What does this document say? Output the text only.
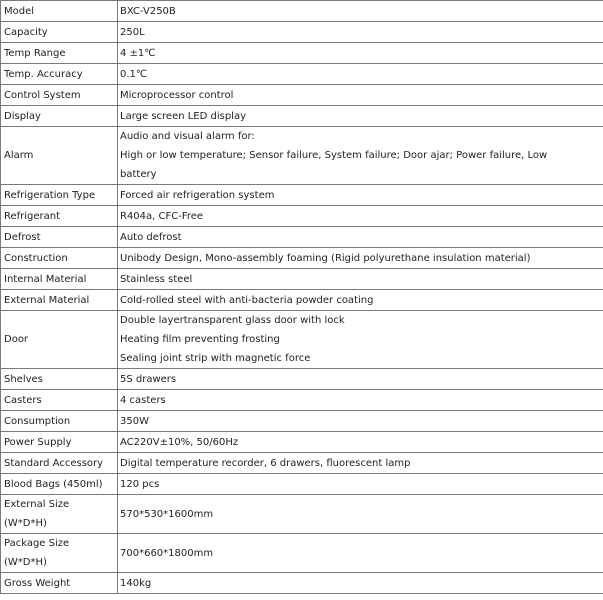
Model	BXC-V250B
Capacity	250L
Temp Range	4 ±1℃
Temp. Accuracy	0.1℃
Control System	Microprocessor control
Display	Large screen LED display
Alarm	Audio and visual alarm for:
High or low temperature; Sensor failure, System failure; Door ajar; Power failure, Low
battery

Refrigeration Type	Forced air refrigeration system
Refrigerant	R404a, CFC-Free
Defrost	Auto defrost
Construction	Unibody Design, Mono-assembly foaming (Rigid polyurethane insulation material)
Internal Material	Stainless steel
External Material	Cold-rolled steel with anti-bacteria powder coating
Door	Double layertransparent glass door with lock
Heating film preventing frosting
Sealing joint strip with magnetic force

Shelves	5S drawers
Casters	4 casters
Consumption	350W
Power Supply	AC220V±10%, 50/60Hz
Standard Accessory	Digital temperature recorder, 6 drawers, fluorescent lamp
Blood Bags (450ml)	120 pcs

External Size
(W*D*H)	570*530*1600mm

Package Size
(W*D*H)	700*660*1800mm
Gross Weight	140kg
